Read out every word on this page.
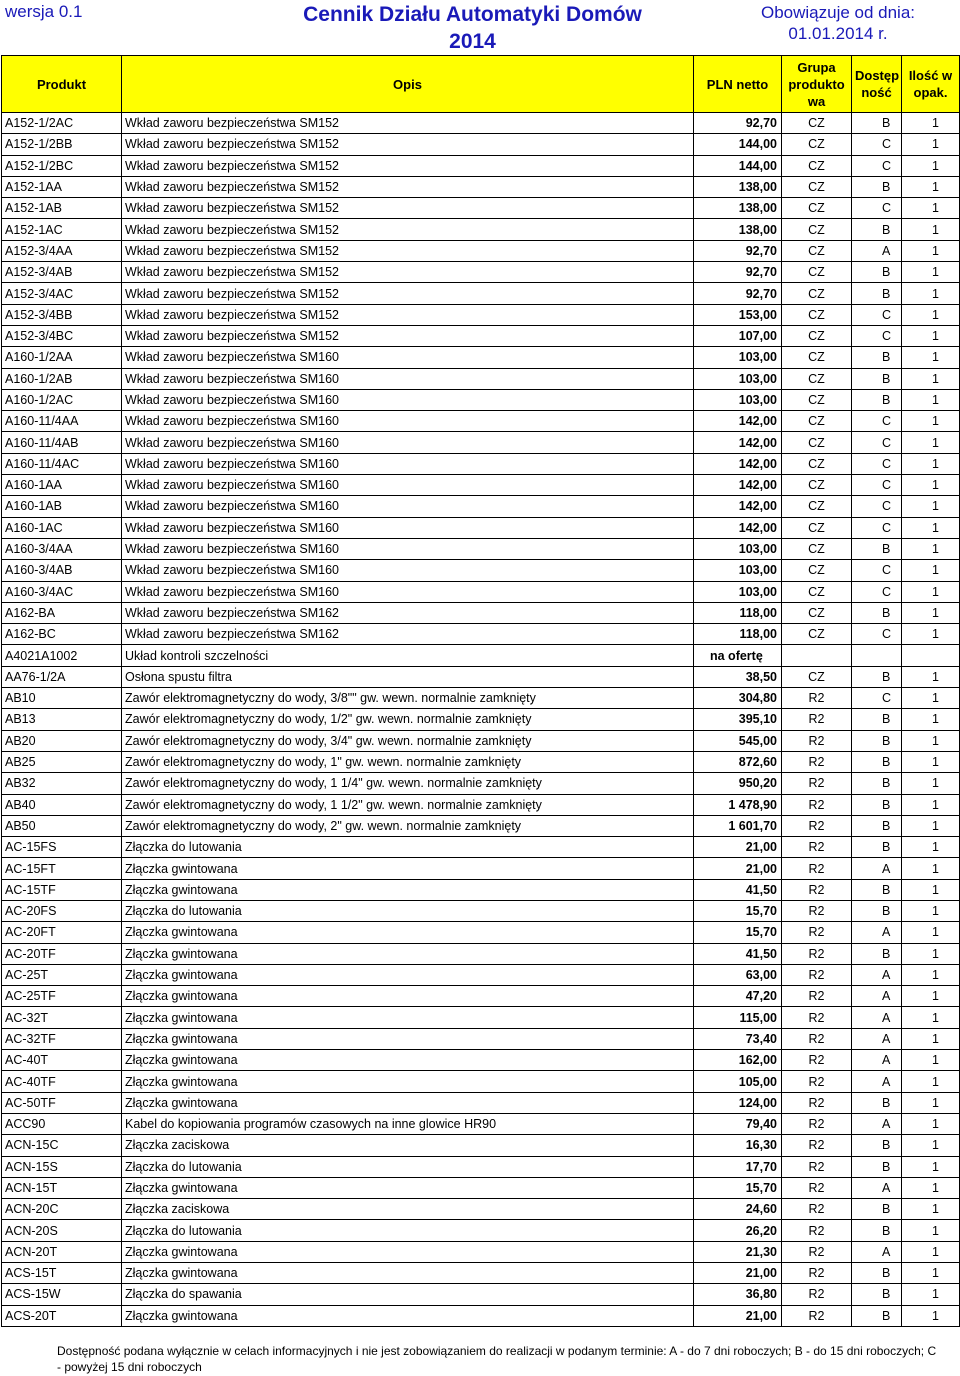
wersja 0.1	Cennik Działu Automatyki Domów 2014
Obowiązuje od dnia:
01.01.2014 r.
Produkt	Opis	PLN netto	Grupa produkto wa	Dostęp ność	Ilość w opak.
A152-1/2AC	Wkład zaworu bezpieczeństwa SM152	92,70	CZ	B	1
A152-1/2BB	Wkład zaworu bezpieczeństwa SM152	144,00	CZ	C	1
A152-1/2BC	Wkład zaworu bezpieczeństwa SM152	144,00	CZ	C	1
A152-1AA	Wkład zaworu bezpieczeństwa SM152	138,00	CZ	B	1
A152-1AB	Wkład zaworu bezpieczeństwa SM152	138,00	CZ	C	1
A152-1AC	Wkład zaworu bezpieczeństwa SM152	138,00	CZ	B	1
A152-3/4AA	Wkład zaworu bezpieczeństwa SM152	92,70	CZ	A	1
A152-3/4AB	Wkład zaworu bezpieczeństwa SM152	92,70	CZ	B	1
A152-3/4AC	Wkład zaworu bezpieczeństwa SM152	92,70	CZ	B	1
A152-3/4BB	Wkład zaworu bezpieczeństwa SM152	153,00	CZ	C	1
A152-3/4BC	Wkład zaworu bezpieczeństwa SM152	107,00	CZ	C	1
A160-1/2AA	Wkład zaworu bezpieczeństwa SM160	103,00	CZ	B	1
A160-1/2AB	Wkład zaworu bezpieczeństwa SM160	103,00	CZ	B	1
A160-1/2AC	Wkład zaworu bezpieczeństwa SM160	103,00	CZ	B	1
A160-11/4AA	Wkład zaworu bezpieczeństwa SM160	142,00	CZ	C	1
A160-11/4AB	Wkład zaworu bezpieczeństwa SM160	142,00	CZ	C	1
A160-11/4AC	Wkład zaworu bezpieczeństwa SM160	142,00	CZ	C	1
A160-1AA	Wkład zaworu bezpieczeństwa SM160	142,00	CZ	C	1
A160-1AB	Wkład zaworu bezpieczeństwa SM160	142,00	CZ	C	1
A160-1AC	Wkład zaworu bezpieczeństwa SM160	142,00	CZ	C	1
A160-3/4AA	Wkład zaworu bezpieczeństwa SM160	103,00	CZ	B	1
A160-3/4AB	Wkład zaworu bezpieczeństwa SM160	103,00	CZ	C	1
A160-3/4AC	Wkład zaworu bezpieczeństwa SM160	103,00	CZ	C	1
A162-BA	Wkład zaworu bezpieczeństwa SM162	118,00	CZ	B	1
A162-BC	Wkład zaworu bezpieczeństwa SM162	118,00	CZ	C	1
A4021A1002	Układ kontroli szczelności	na ofertę			
AA76-1/2A	Osłona spustu filtra	38,50	CZ	B	1
AB10	Zawór elektromagnetyczny do wody, 3/8"" gw. wewn. normalnie zamknięty	304,80	R2	C	1
AB13	Zawór elektromagnetyczny do wody, 1/2" gw. wewn. normalnie zamknięty	395,10	R2	B	1
AB20	Zawór elektromagnetyczny do wody, 3/4" gw. wewn. normalnie zamknięty	545,00	R2	B	1
AB25	Zawór elektromagnetyczny do wody, 1" gw. wewn. normalnie zamknięty	872,60	R2	B	1
AB32	Zawór elektromagnetyczny do wody, 1 1/4" gw. wewn. normalnie zamknięty	950,20	R2	B	1
AB40	Zawór elektromagnetyczny do wody, 1 1/2" gw. wewn. normalnie zamknięty	1 478,90	R2	B	1
AB50	Zawór elektromagnetyczny do wody, 2" gw. wewn. normalnie zamknięty	1 601,70	R2	B	1
AC-15FS	Złączka do lutowania	21,00	R2	B	1
AC-15FT	Złączka gwintowana	21,00	R2	A	1
AC-15TF	Złączka gwintowana	41,50	R2	B	1
AC-20FS	Złączka do lutowania	15,70	R2	B	1
AC-20FT	Złączka gwintowana	15,70	R2	A	1
AC-20TF	Złączka gwintowana	41,50	R2	B	1
AC-25T	Złączka gwintowana	63,00	R2	A	1
AC-25TF	Złączka gwintowana	47,20	R2	A	1
AC-32T	Złączka gwintowana	115,00	R2	A	1
AC-32TF	Złączka gwintowana	73,40	R2	A	1
AC-40T	Złączka gwintowana	162,00	R2	A	1
AC-40TF	Złączka gwintowana	105,00	R2	A	1
AC-50TF	Złączka gwintowana	124,00	R2	B	1
ACC90	Kabel do kopiowania programów czasowych na inne glowice HR90	79,40	R2	A	1
ACN-15C	Złączka zaciskowa	16,30	R2	B	1
ACN-15S	Złączka do lutowania	17,70	R2	B	1
ACN-15T	Złączka gwintowana	15,70	R2	A	1
ACN-20C	Złączka zaciskowa	24,60	R2	B	1
ACN-20S	Złączka do lutowania	26,20	R2	B	1
ACN-20T	Złączka gwintowana	21,30	R2	A	1
ACS-15T	Złączka gwintowana	21,00	R2	B	1
ACS-15W	Złączka do spawania	36,80	R2	B	1
ACS-20T	Złączka gwintowana	21,00	R2	B	1
Dostępność podana wyłącznie w celach informacyjnych i nie jest zobowiązaniem do realizacji w podanym terminie: A - do 7 dni roboczych; B - do 15 dni roboczych; C - powyżej 15 dni roboczych
